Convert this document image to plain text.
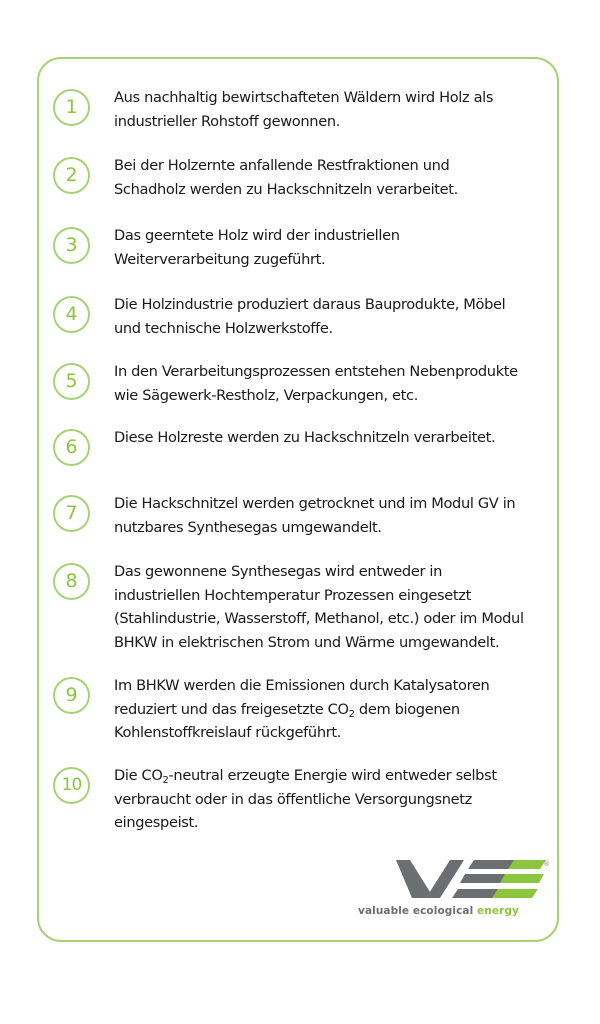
1	Aus nachhaltig bewirtschafteten Wäldern wird Holz als
industrieller Rohstoff gewonnen.
2	Bei der Holzernte anfallende Restfraktionen und
Schadholz werden zu Hackschnitzeln verarbeitet.
3	Das geerntete Holz wird der industriellen
Weiterverarbeitung zugeführt.
4	Die Holzindustrie produziert daraus Bauprodukte, Möbel
und technische Holzwerkstoffe.
5	In den Verarbeitungsprozessen entstehen Nebenprodukte
wie Sägewerk-Restholz, Verpackungen, etc.
6	Diese Holzreste werden zu Hackschnitzeln verarbeitet.
7	Die Hackschnitzel werden getrocknet und im Modul GV in
nutzbares Synthesegas umgewandelt.
8	Das gewonnene Synthesegas wird entweder in
industriellen Hochtemperatur Prozessen eingesetzt
(Stahlindustrie, Wasserstoff, Methanol, etc.) oder im Modul
BHKW in elektrischen Strom und Wärme umgewandelt.
9	Im BHKW werden die Emissionen durch Katalysatoren
reduziert und das freigesetzte $CO_2$ dem biogenen
Kohlenstoffkreislauf rückgeführt.
10	Die $CO_2$-neutral erzeugte Energie wird entweder selbst
verbraucht oder in das öffentliche Versorgungsnetz
eingespeist.
®
valuable ecological energy
